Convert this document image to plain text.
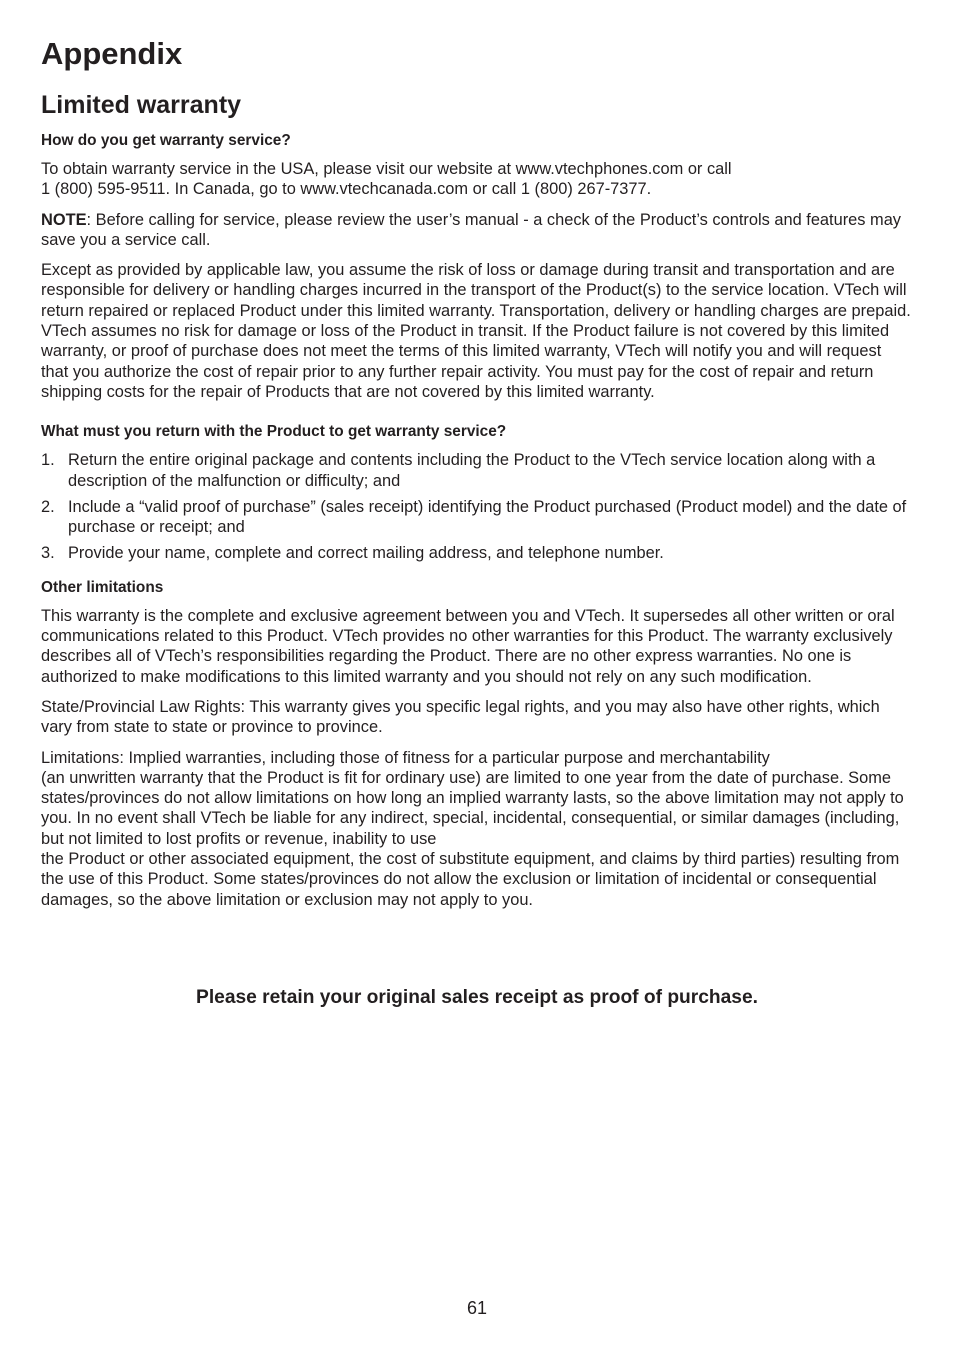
Appendix
Limited warranty
How do you get warranty service?

To obtain warranty service in the USA, please visit our website at www.vtechphones.com or call
1 (800) 595-9511. In Canada, go to www.vtechcanada.com or call 1 (800) 267-7377.

NOTE: Before calling for service, please review the user’s manual - a check of the Product’s controls and features may save you a service call.

Except as provided by applicable law, you assume the risk of loss or damage during transit and transportation and are responsible for delivery or handling charges incurred in the transport of the Product(s) to the service location. VTech will return repaired or replaced Product under this limited warranty. Transportation, delivery or handling charges are prepaid. VTech assumes no risk for damage or loss of the Product in transit. If the Product failure is not covered by this limited warranty, or proof of purchase does not meet the terms of this limited warranty, VTech will notify you and will request that you authorize the cost of repair prior to any further repair activity. You must pay for the cost of repair and return shipping costs for the repair of Products that are not covered by this limited warranty.

What must you return with the Product to get warranty service?
1. Return the entire original package and contents including the Product to the VTech service location along with a description of the malfunction or difficulty; and
2. Include a “valid proof of purchase” (sales receipt) identifying the Product purchased (Product model) and the date of purchase or receipt; and
3. Provide your name, complete and correct mailing address, and telephone number.
Other limitations

This warranty is the complete and exclusive agreement between you and VTech. It supersedes all other written or oral communications related to this Product. VTech provides no other warranties for this Product. The warranty exclusively describes all of VTech’s responsibilities regarding the Product. There are no other express warranties. No one is authorized to make modifications to this limited warranty and you should not rely on any such modification.

State/Provincial Law Rights: This warranty gives you specific legal rights, and you may also have other rights, which vary from state to state or province to province.

Limitations: Implied warranties, including those of fitness for a particular purpose and merchantability
(an unwritten warranty that the Product is fit for ordinary use) are limited to one year from the date of purchase. Some states/provinces do not allow limitations on how long an implied warranty lasts, so the above limitation may not apply to you. In no event shall VTech be liable for any indirect, special, incidental, consequential, or similar damages (including, but not limited to lost profits or revenue, inability to use
the Product or other associated equipment, the cost of substitute equipment, and claims by third parties) resulting from the use of this Product. Some states/provinces do not allow the exclusion or limitation of incidental or consequential damages, so the above limitation or exclusion may not apply to you.

Please retain your original sales receipt as proof of purchase.
61
